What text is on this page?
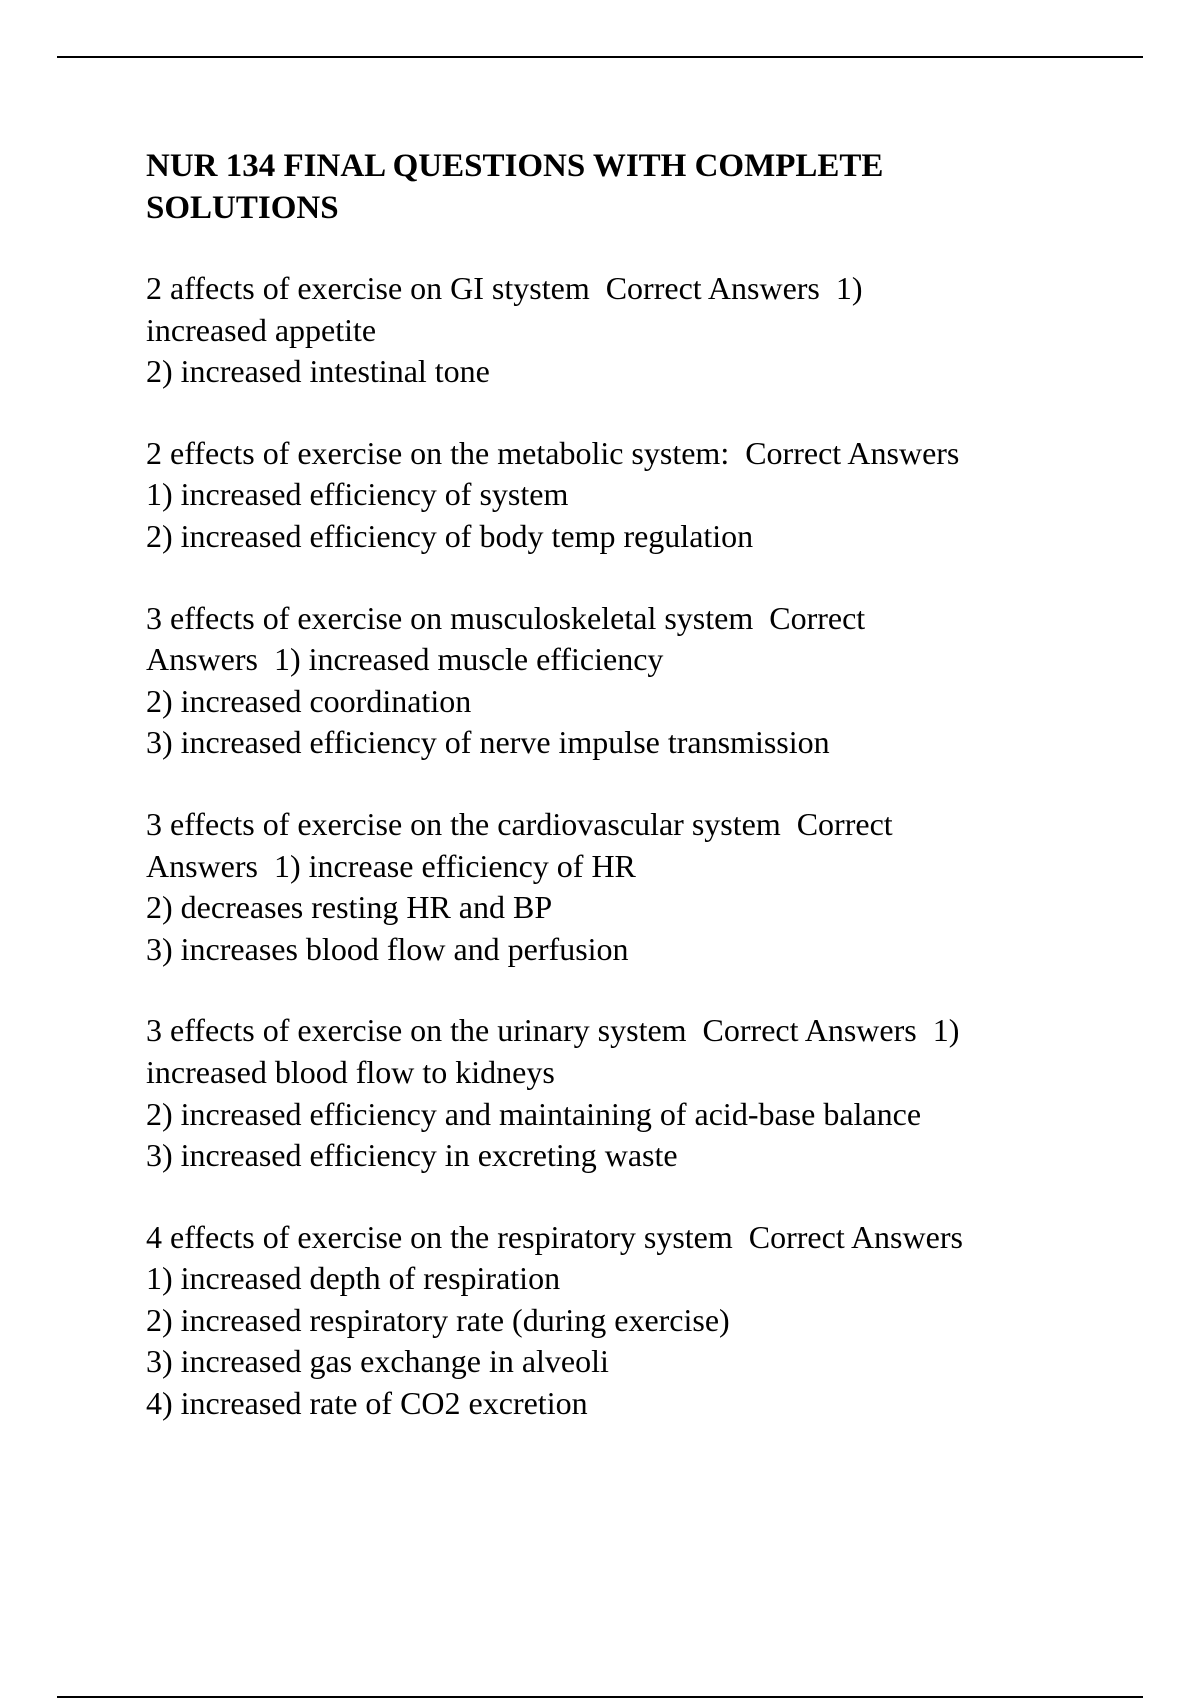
NUR 134 FINAL QUESTIONS WITH COMPLETE
SOLUTIONS
2 affects of exercise on GI stystem  Correct Answers  1)
increased appetite
2) increased intestinal tone
2 effects of exercise on the metabolic system:  Correct Answers
1) increased efficiency of system
2) increased efficiency of body temp regulation
3 effects of exercise on musculoskeletal system  Correct
Answers  1) increased muscle efficiency
2) increased coordination
3) increased efficiency of nerve impulse transmission
3 effects of exercise on the cardiovascular system  Correct
Answers  1) increase efficiency of HR
2) decreases resting HR and BP
3) increases blood flow and perfusion
3 effects of exercise on the urinary system  Correct Answers  1)
increased blood flow to kidneys
2) increased efficiency and maintaining of acid-base balance
3) increased efficiency in excreting waste
4 effects of exercise on the respiratory system  Correct Answers
1) increased depth of respiration
2) increased respiratory rate (during exercise)
3) increased gas exchange in alveoli
4) increased rate of CO2 excretion
